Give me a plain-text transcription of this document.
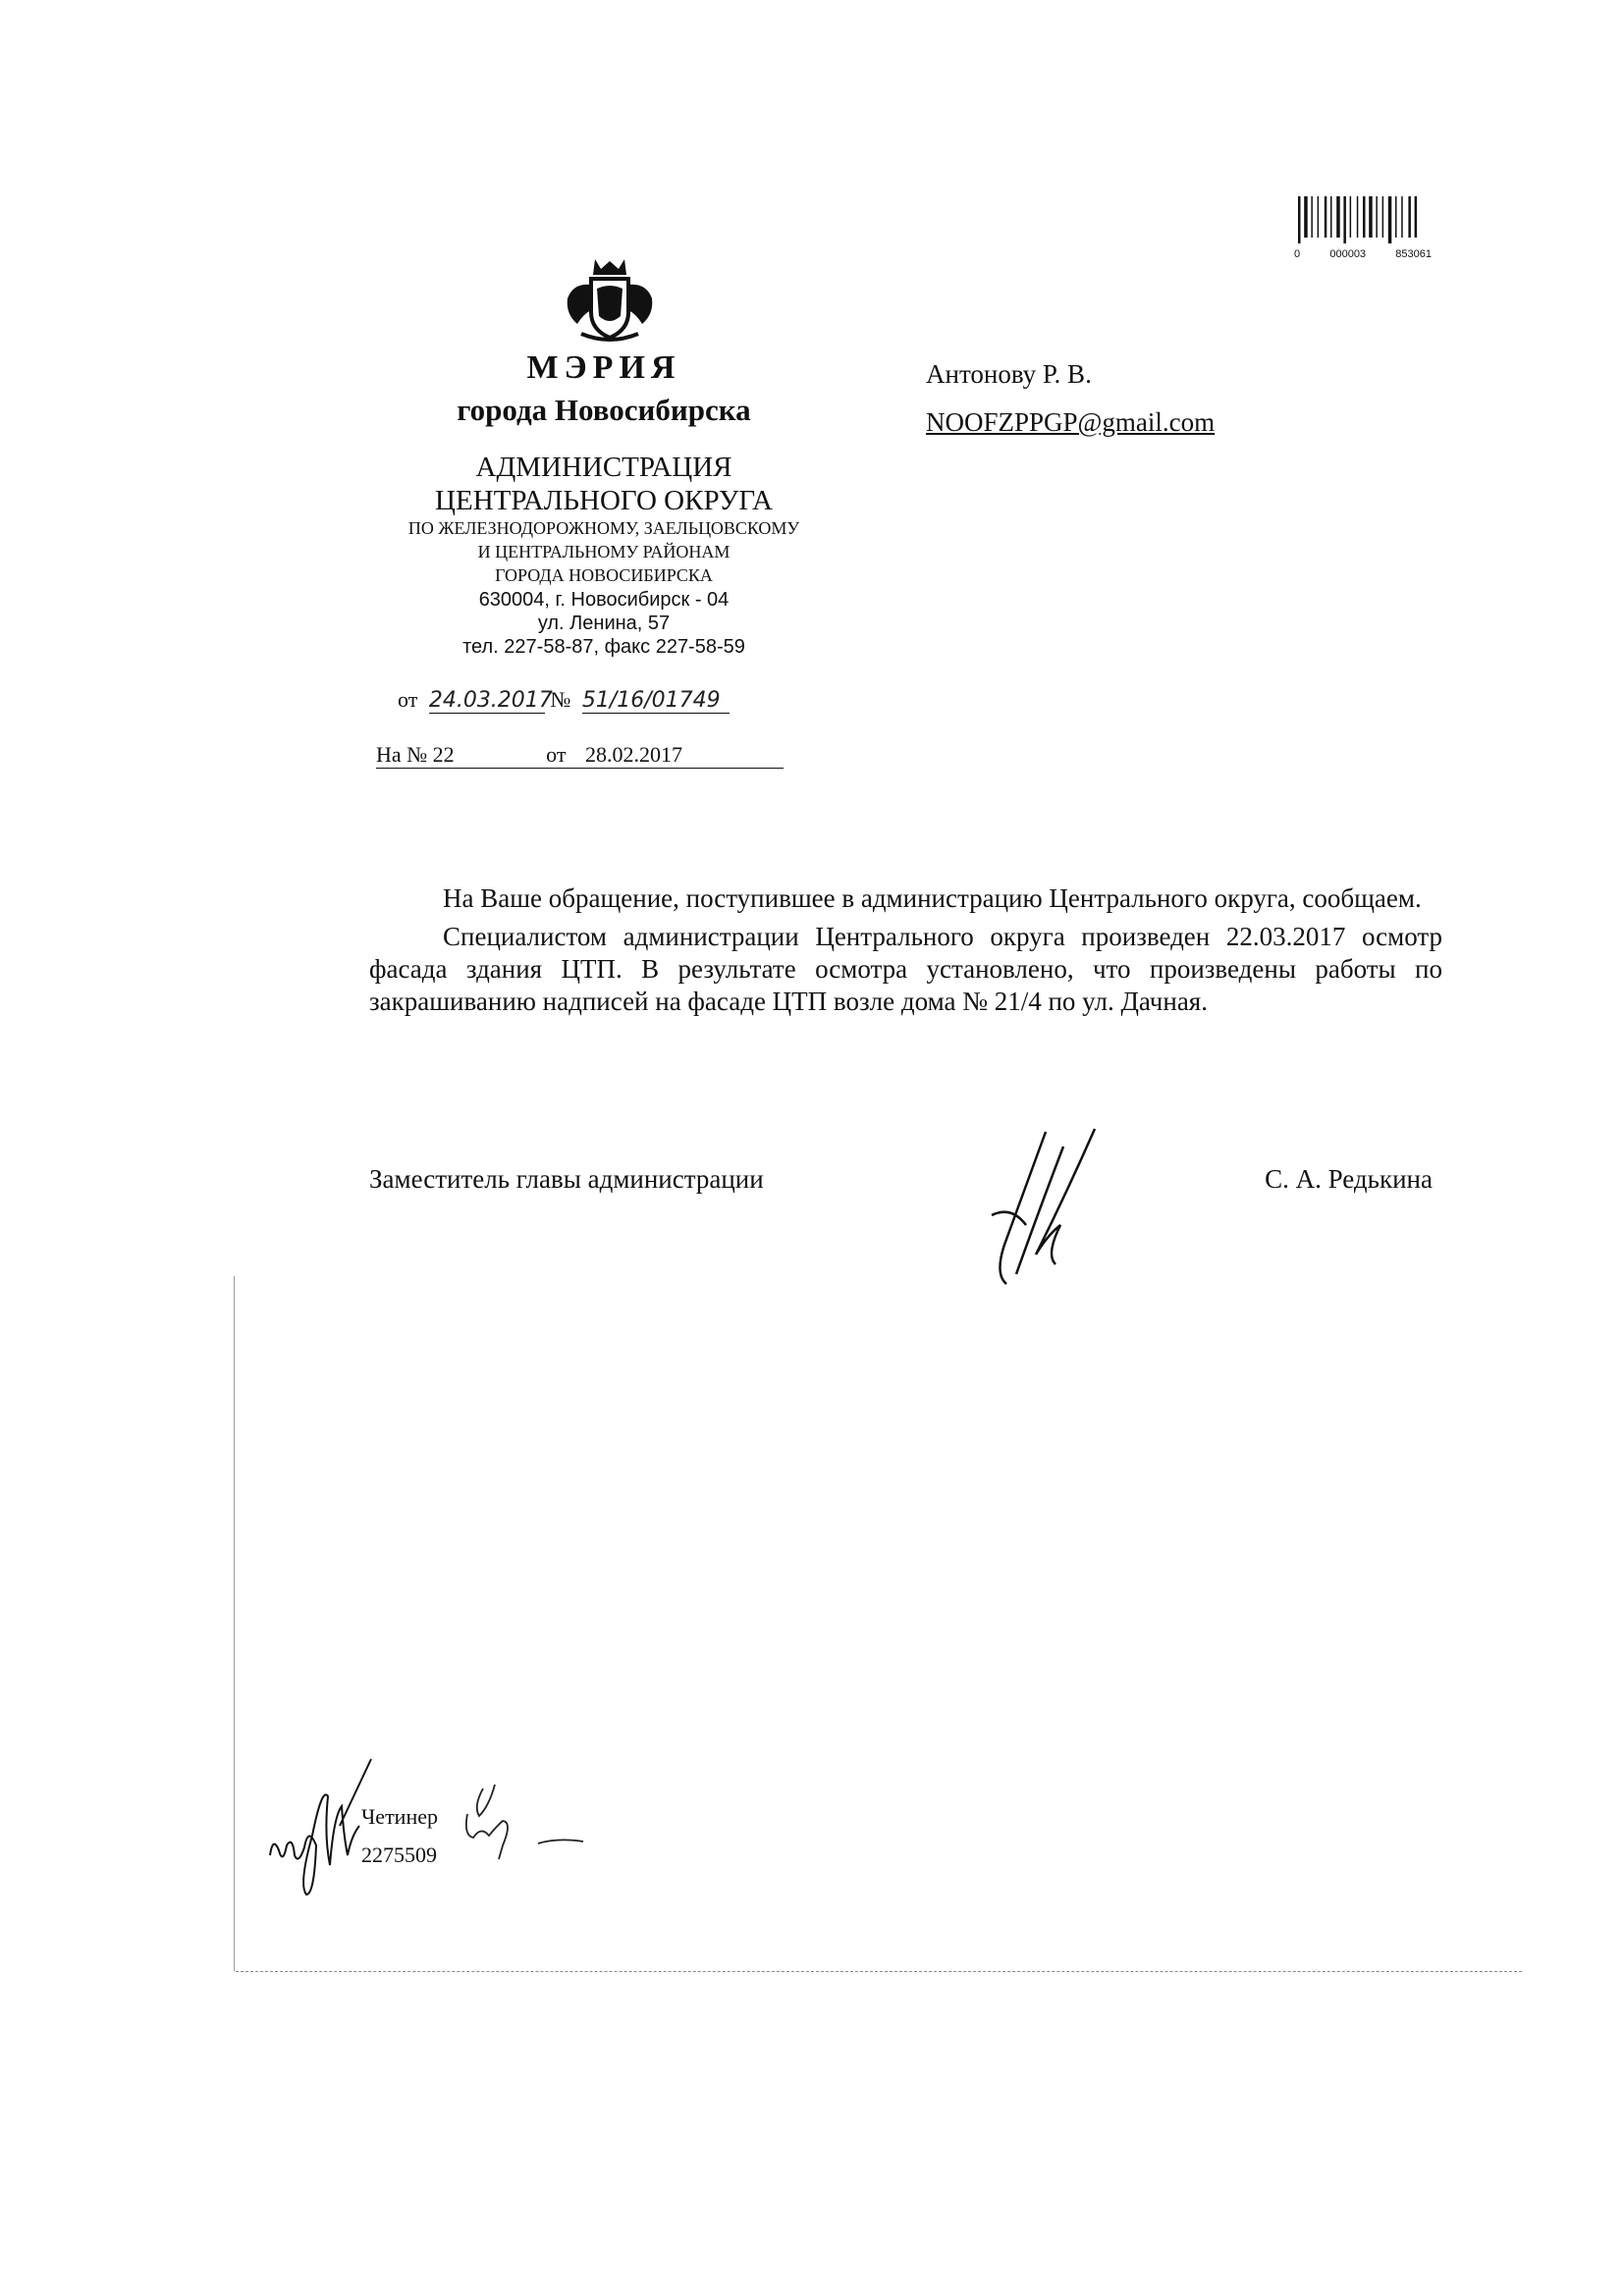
0	000003	853061
МЭРИЯ
города Новосибирска
АДМИНИСТРАЦИЯ
ЦЕНТРАЛЬНОГО ОКРУГА
ПО ЖЕЛЕЗНОДОРОЖНОМУ, ЗАЕЛЬЦОВСКОМУ
И ЦЕНТРАЛЬНОМУ РАЙОНАМ
ГОРОДА НОВОСИБИРСКА
630004, г. Новосибирск - 04
ул. Ленина, 57
тел. 227-58-87, факс 227-58-59
от 24.03.2017 № 51/16/01749
На № 22	от 28.02.2017
Антонову Р. В.
NOOFZPPGP@gmail.com

На Ваше обращение, поступившее в администрацию Центрального округа, сообщаем.

Специалистом администрации Центрального округа произведен 22.03.2017 осмотр фасада здания ЦТП. В результате осмотра установлено, что произведены работы по закрашиванию надписей на фасаде ЦТП возле дома № 21/4 по ул. Дачная.

Заместитель главы администрации	С. А. Редькина
Четинер
2275509
